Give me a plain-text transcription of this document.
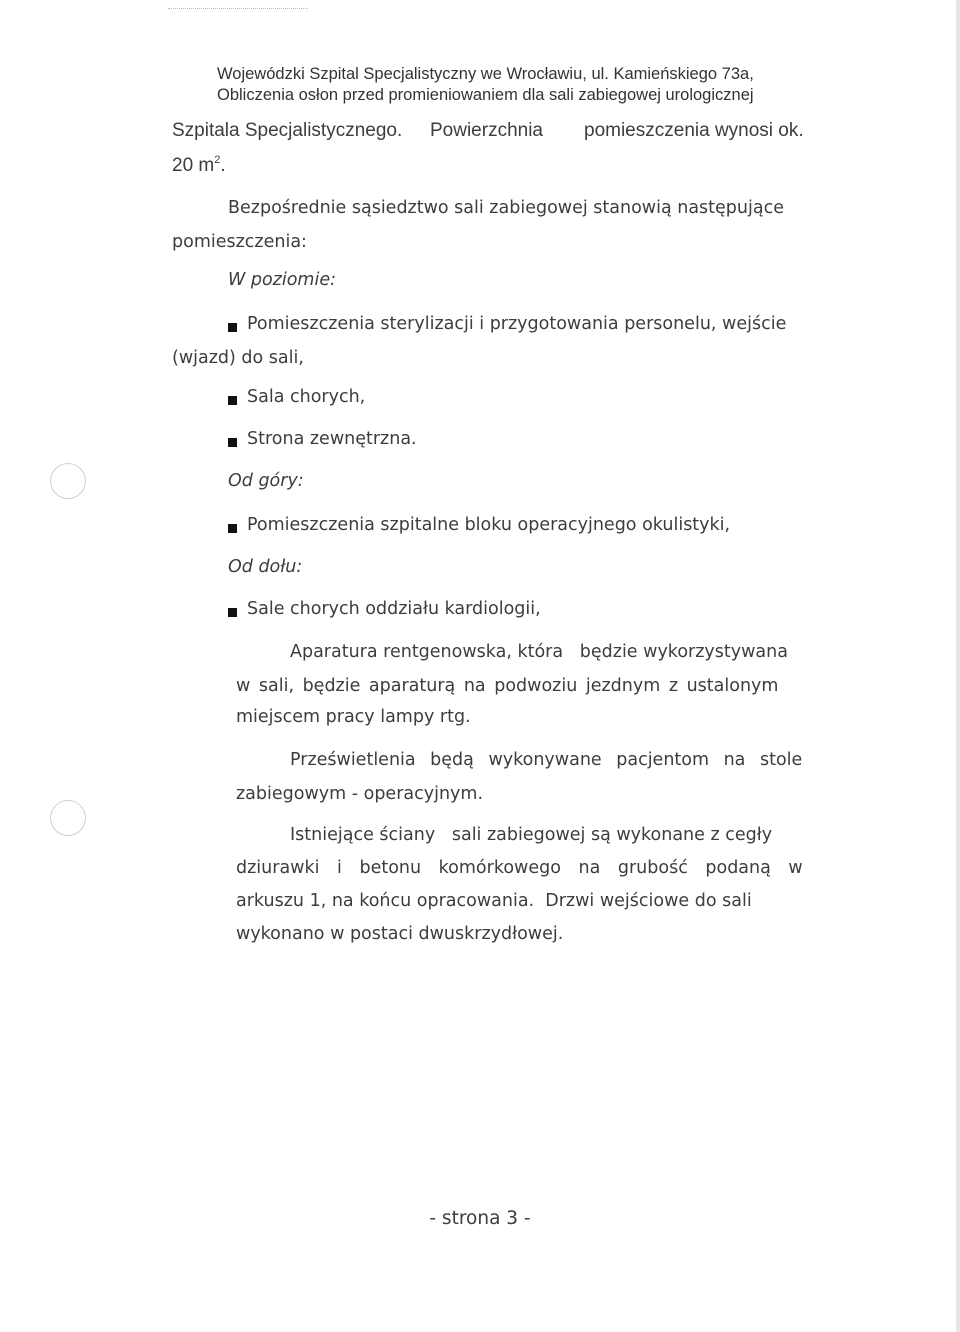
Wojewódzki Szpital Specjalistyczny we Wrocławiu, ul. Kamieńskiego 73a,
Obliczenia osłon przed promieniowaniem dla sali zabiegowej urologicznej
Szpitala Specjalistycznego. Powierzchnia pomieszczenia wynosi ok.
20 $m^2$.
Bezpośrednie sąsiedztwo sali zabiegowej stanowią następujące
pomieszczenia:
W poziomie:
Pomieszczenia sterylizacji i przygotowania personelu, wejście
(wjazd) do sali,
Sala chorych,
Strona zewnętrzna.
Od góry:
Pomieszczenia szpitalne bloku operacyjnego okulistyki,
Od dołu:
Sale chorych oddziału kardiologii,
Aparatura rentgenowska, która   będzie wykorzystywana
w sali, będzie aparaturą na podwoziu jezdnym z ustalonym
miejscem pracy lampy rtg.
Prześwietlenia będą wykonywane pacjentom na stole
zabiegowym - operacyjnym.
Istniejące ściany   sali zabiegowej są wykonane z cegły
dziurawki i betonu komórkowego na grubość podaną w
arkuszu 1, na końcu opracowania.  Drzwi wejściowe do sali
wykonano w postaci dwuskrzydłowej.
- strona 3 -
